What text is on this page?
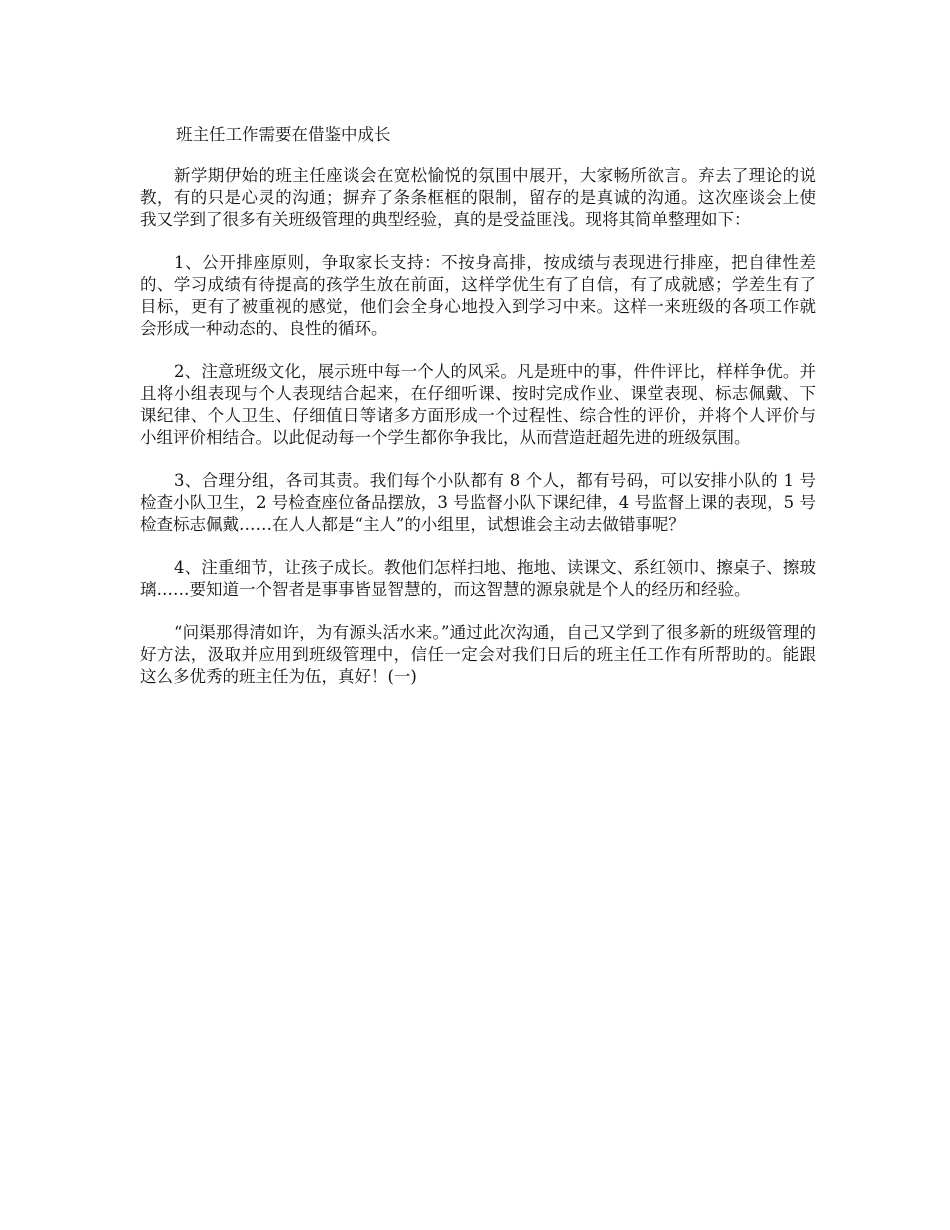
班主任工作需要在借鉴中成长

新学期伊始的班主任座谈会在宽松愉悦的氛围中展开，大家畅所欲言。弃去了理论的说教，有的只是心灵的沟通；摒弃了条条框框的限制，留存的是真诚的沟通。这次座谈会上使我又学到了很多有关班级管理的典型经验，真的是受益匪浅。现将其简单整理如下：

1、公开排座原则，争取家长支持：不按身高排，按成绩与表现进行排座，把自律性差的、学习成绩有待提高的孩学生放在前面，这样学优生有了自信，有了成就感；学差生有了目标，更有了被重视的感觉，他们会全身心地投入到学习中来。这样一来班级的各项工作就会形成一种动态的、良性的循环。

2、注意班级文化，展示班中每一个人的风采。凡是班中的事，件件评比，样样争优。并且将小组表现与个人表现结合起来，在仔细听课、按时完成作业、课堂表现、标志佩戴、下课纪律、个人卫生、仔细值日等诸多方面形成一个过程性、综合性的评价，并将个人评价与小组评价相结合。以此促动每一个学生都你争我比，从而营造赶超先进的班级氛围。

3、合理分组，各司其责。我们每个小队都有 8 个人，都有号码，可以安排小队的 1 号检查小队卫生，2 号检查座位备品摆放，3 号监督小队下课纪律，4 号监督上课的表现，5 号检查标志佩戴……在人人都是“主人”的小组里，试想谁会主动去做错事呢？

4、注重细节，让孩子成长。教他们怎样扫地、拖地、读课文、系红领巾、擦桌子、擦玻璃……要知道一个智者是事事皆显智慧的，而这智慧的源泉就是个人的经历和经验。

“问渠那得清如许，为有源头活水来。”通过此次沟通，自己又学到了很多新的班级管理的好方法，汲取并应用到班级管理中，信任一定会对我们日后的班主任工作有所帮助的。能跟这么多优秀的班主任为伍，真好！(一)
